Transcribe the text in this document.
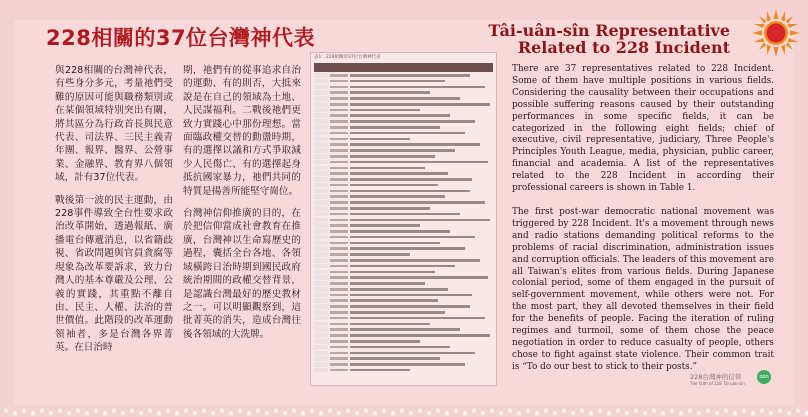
228相關的37位台灣神代表	Tâi-uân-sîn Representative
Related to 228 Incident

與228相關的台灣神代表，有些身分多元，考量祂們受難的原因可能與職務類別或在某個領域特別突出有關，將其區分為行政首長與民意代表、司法界、三民主義青年團、報界、醫界、公營事業、金融界、教育界八個領域，計有37位代表。

戰後第一波的民主運動，由228事件導致全台性要求政治改革開始，透過報紙、廣播電台傳遞消息，以省籍歧視、省政問題與官員貪腐等現象為改革要訴求，致力台灣人的基本尊嚴及公理、公義的實踐，其重點不離自由、民主、人權、法治的普世價值。此階段的改革運動領袖者，多是台灣各界菁英。在日治時

期，祂們有的從事追求自治的運動、有的則否，大抵來說是在自己的領域為土地、人民謀福利。二戰後祂們更致力實踐心中那份理想。當面臨政權交替的動盪時期，有的選擇以議和方式爭取減少人民傷亡、有的選擇起身抵抗國家暴力，祂們共同的特質是揚善所能堅守崗位。

台灣神信仰推廣的目的，在於把信仰當成社會教育在推廣，台灣神以生命寫歷史的過程，囊括全台各地、各領域橫跨日治時期到國民政府統治期間的政權交替背景，是認識台灣最好的歷史教材之一。可以明顯觀察到，這批菁英的消失，造成台灣往後各領域的大洗牌。

表1：228相關的37位台灣神代表

There are 37 representatives related to 228 Incident. Some of them have multiple positions in various fields. Considering the causality between their occupations and possible suffering reasons caused by their outstanding performances in some specific fields, it can be categorized in the following eight fields; chief of executive, civil representative, judiciary, Three People's Principles Youth League, media, physician, public career, financial and academia. A list of the representatives related to the 228 Incident in according their professional careers is shown in Table 1.

The first post-war democratic national movement was triggered by 228 Incident. It's a movement through news and radio stations demanding political reforms to the problems of racial discrimination, administration issues and corruption officials. The leaders of this movement are all Taiwan's elites from various fields. During Japanese colonial period, some of them engaged in the pursuit of self-government movement, while others were not. For the most part, they all devoted themselves in their field for the benefits of people. Facing the iteration of ruling regimes and turmoil, some of them chose the peace negotiation in order to reduce casualty of people, others chose to fight against state violence. Their common trait is “To do our best to stick to their posts.”

228台灣神的信仰
The faith of 228 Tâi-uân-sîn
oon
